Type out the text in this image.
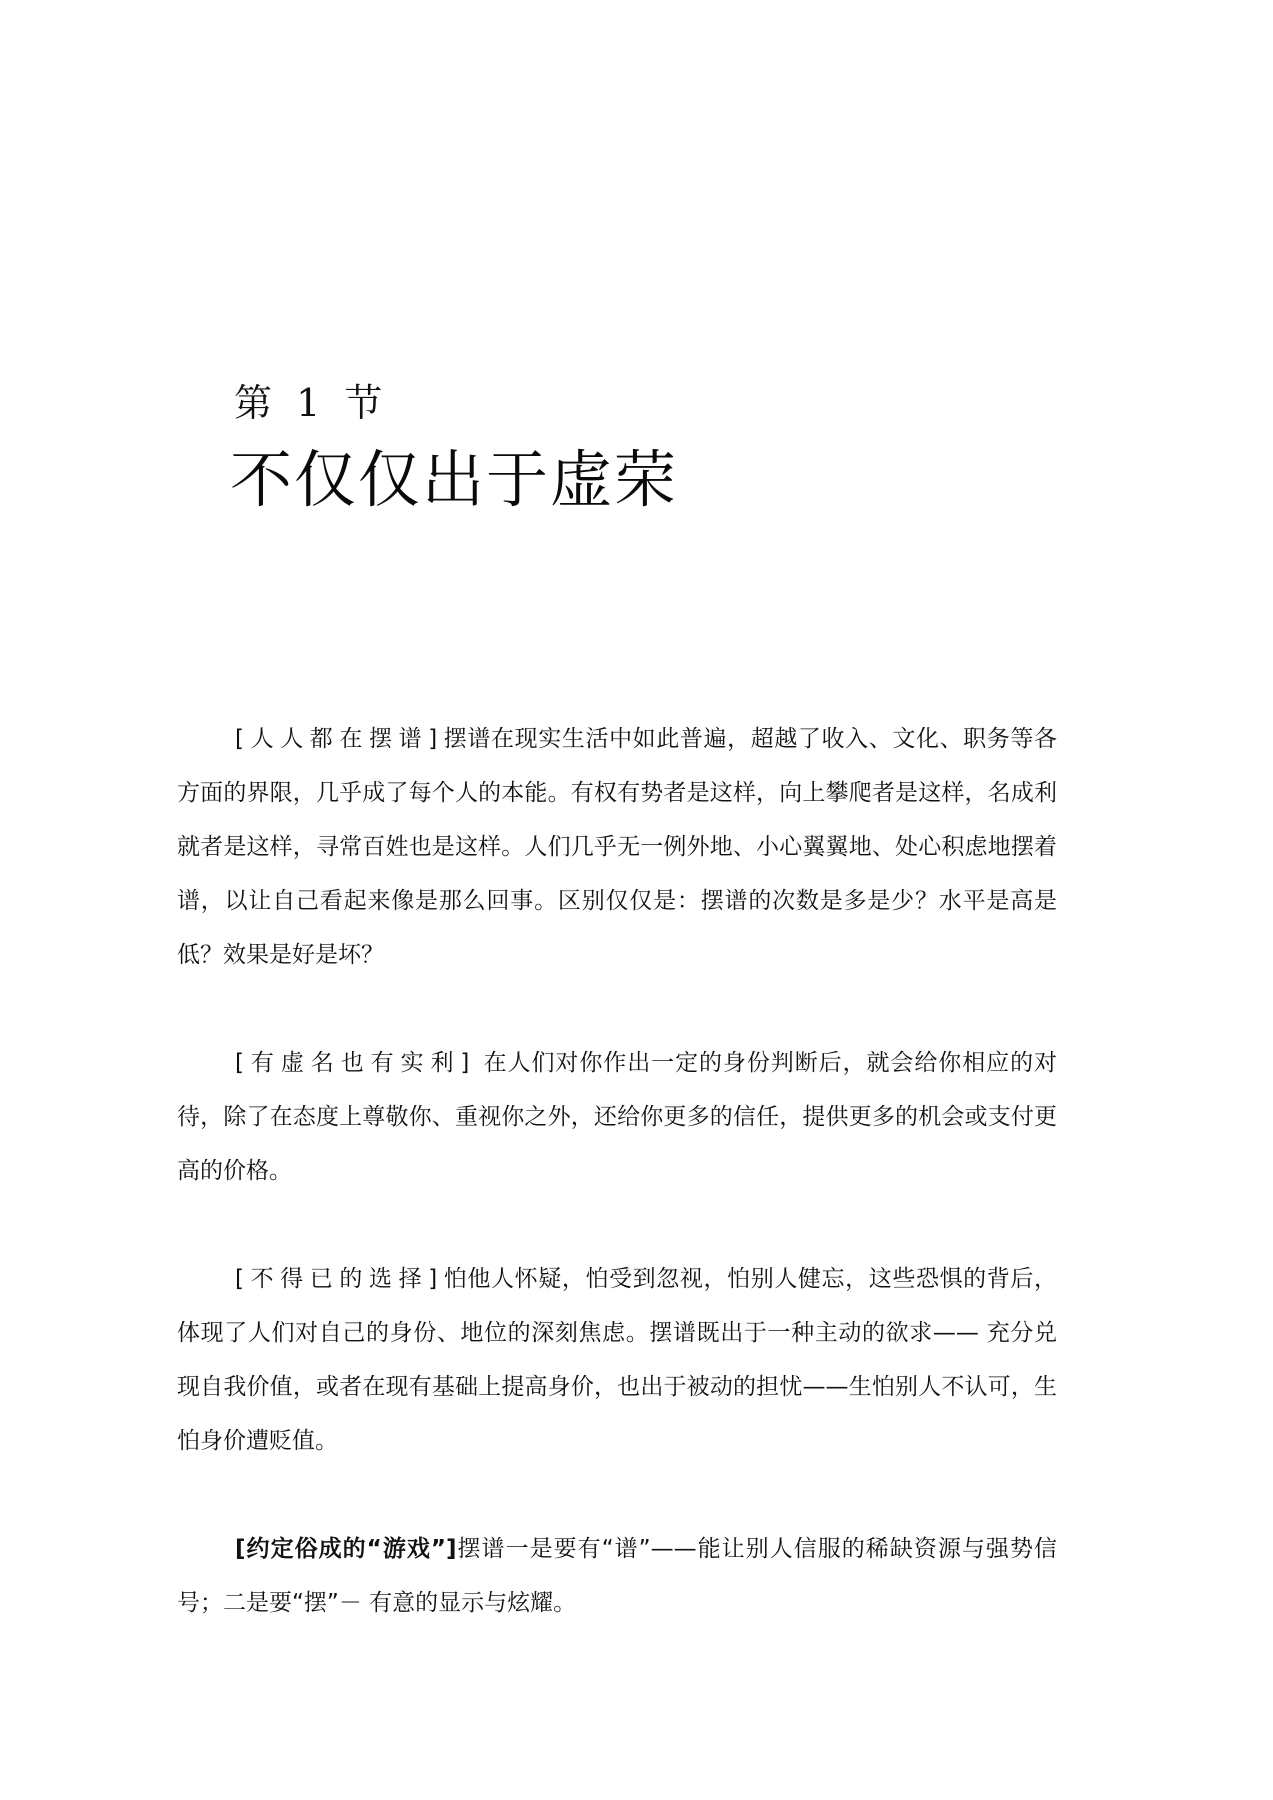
第 1 节
不仅仅出于虚荣

[人人都在摆谱]摆谱在现实生活中如此普遍，超越了收入、文化、职务等各方面的界限，几乎成了每个人的本能。有权有势者是这样，向上攀爬者是这样，名成利就者是这样，寻常百姓也是这样。人们几乎无一例外地、小心翼翼地、处心积虑地摆着谱，以让自己看起来像是那么回事。区别仅仅是：摆谱的次数是多是少？水平是高是低？效果是好是坏？

[有虚名也有实利] 在人们对你作出一定的身份判断后，就会给你相应的对待，除了在态度上尊敬你、重视你之外，还给你更多的信任，提供更多的机会或支付更高的价格。

[不得已的选择]怕他人怀疑，怕受到忽视，怕别人健忘，这些恐惧的背后，体现了人们对自己的身份、地位的深刻焦虑。摆谱既出于一种主动的欲求—— 充分兑现自我价值，或者在现有基础上提高身价，也出于被动的担忧——生怕别人不认可，生怕身价遭贬值。

[约定俗成的“游戏”]摆谱一是要有“谱”——能让别人信服的稀缺资源与强势信号；二是要“摆”－ 有意的显示与炫耀。
